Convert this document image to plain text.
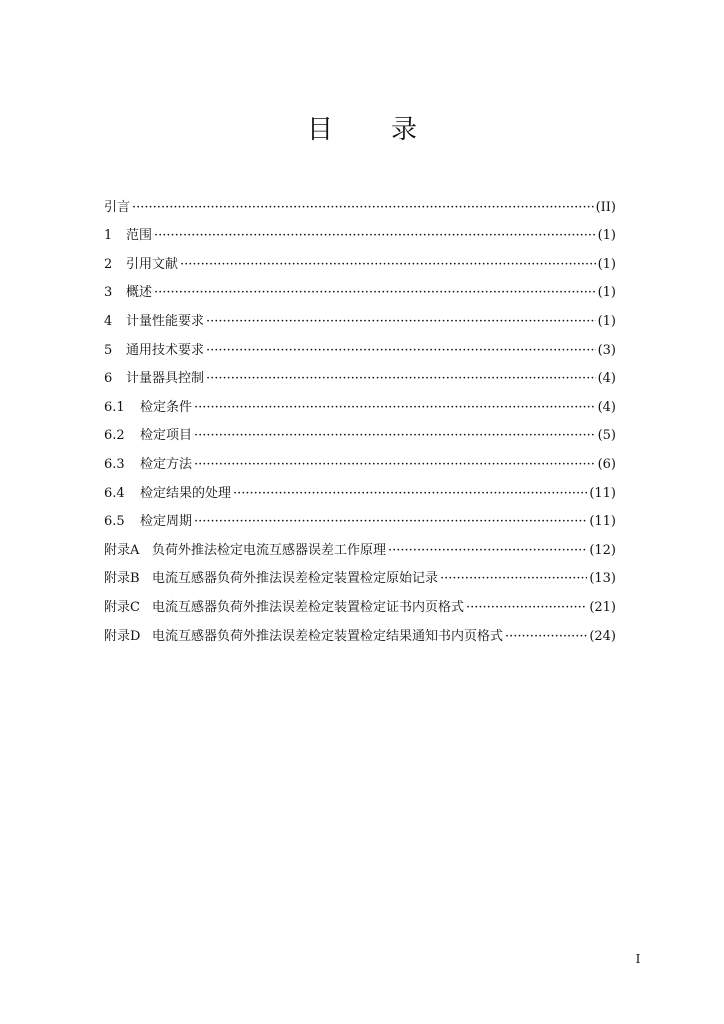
目录
引言 ·····	(II)
1	范围 ·····	(1)
2	引用文献 ·····	(1)
3	概述 ·····	(1)
4	计量性能要求 ·····	(1)
5	通用技术要求 ·····	(3)
6	计量器具控制 ·····	(4)
6.1	检定条件 ·····	(4)
6.2	检定项目 ·····	(5)
6.3	检定方法 ·····	(6)
6.4	检定结果的处理 ·····	(11)
6.5	检定周期 ·····	(11)
附录A 负荷外推法检定电流互感器误差工作原理 ·····	(12)
附录B 电流互感器负荷外推法误差检定装置检定原始记录 ·····	(13)
附录C 电流互感器负荷外推法误差检定装置检定证书内页格式 ·····	(21)
附录D 电流互感器负荷外推法误差检定装置检定结果通知书内页格式 ·····	(24)
I
